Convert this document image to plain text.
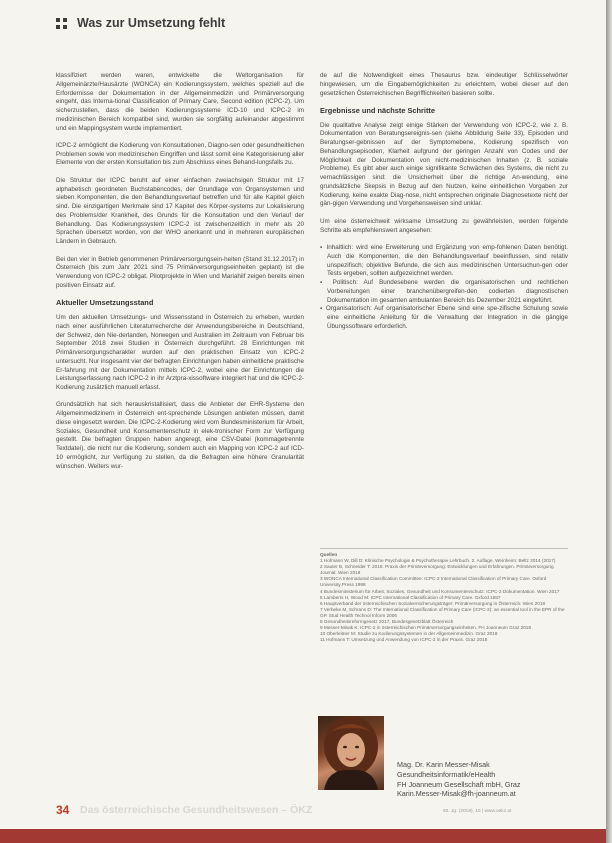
Was zur Umsetzung fehlt

klassifiziert werden waren, entwickelte die Weltorganisation für Allgemeinärzte/Hausärzte (WONCA) ein Kodierungssystem, welches speziell auf die Erfordernisse der Dokumentation in der Allgemeinmedizin und Primärversorgung eingeht, das Interna-tional Classification of Primary Care, Second edition (ICPC-2). Um sicherzustellen, dass die beiden Kodierungssysteme ICD-10 und ICPC-2 im medizinischen Bereich kompatibel sind, wurden sie sorgfältig aufeinander abgestimmt und ein Mappingsystem wurde implementiert.

ICPC-2 ermöglicht die Kodierung von Konsultationen, Diagno-sen oder gesundheitlichen Problemen sowie von medizinischen Eingriffen und lässt somit eine Kategorisierung aller Elemente von der ersten Konsultation bis zum Abschluss eines Behand-lungsfalls zu.

Die Struktur der ICPC beruht auf einer einfachen zweiachsigen Struktur mit 17 alphabetisch geordneten Buchstabencodes, der Grundlage von Organsystemen und sieben Komponenten, die den Behandlungsverlauf betreffen und für alle Kapitel gleich sind. Die einzigartigen Merkmale sind 17 Kapitel des Körper-systems zur Lokalisierung des Problems/der Krankheit, des Grunds für die Konsultation und den Verlauf der Behandlung. Das Kodierungssystem ICPC-2 ist zwischenzeitlich in mehr als 20 Sprachen übersetzt worden, von der WHO anerkannt und in mehreren europäischen Ländern in Gebrauch.

Bei den vier in Betrieb genommenen Primärversorgungsein-heiten (Stand 31.12.2017) in Österreich (bis zum Jahr 2021 sind 75 Primärversorgungseinheiten geplant) ist die Verwendung von ICPC-2 obligat. Pilotprojekte in Wien und Mariahilf zeigen bereits einen positiven Einsatz auf.

Aktueller Umsetzungsstand

Um den aktuellen Umsetzungs- und Wissensstand in Österreich zu erheben, wurden nach einer ausführlichen Literaturrecherche der Anwendungsbereiche in Deutschland, der Schweiz, den Nie-derlanden, Norwegen und Australien im Zeitraum von Februar bis September 2018 zwei Studien in Österreich durchgeführt. 28 Einrichtungen mit Primärversorgungscharakter wurden auf den praktischen Einsatz von ICPC-2 untersucht. Nur insgesamt vier der befragten Einrichtungen haben einheitliche praktische Er-fahrung mit der Dokumentation mittels ICPC-2, wobei eine der Einrichtungen die Leistungserfassung nach ICPC-2 in ihr Arztpra-xissoftware integriert hat und die ICPC-2-Kodierung zusätzlich manuell erfasst.

Grundsätzlich hat sich herauskristallisiert, dass die Anbieter der EHR-Systeme den Allgemeinmedizinern in Österreich ent-sprechende Lösungen anbieten müssen, damit diese eingesetzt werden. Die ICPC-2-Kodierung wird vom Bundesministerium für Arbeit, Soziales, Gesundheit und Konsumentenschutz in elek-tronischer Form zur Verfügung gestellt. Die befragten Gruppen haben angeregt, eine CSV-Datei (kommagetrennte Textdatei), die nicht nur die Kodierung, sondern auch ein Mapping von ICPC-2 auf ICD-10 ermöglicht, zur Verfügung zu stellen, da die Befragten eine höhere Granularität wünschen. Weiters wur-

de auf die Notwendigkeit eines Thesaurus bzw. eindeutiger Schlüsselwörter hingewiesen, um die Eingabemöglichkeiten zu erleichtern, wobei dieser auf den gesetzlichen Österreichischen Begrifflichkeiten basieren sollte.

Ergebnisse und nächste Schritte

Die qualitative Analyse zeigt einige Stärken der Verwendung von ICPC-2, wie z. B. Dokumentation von Beratungsereignis-sen (siehe Abbildung Seite 33), Episoden und Beratungser-gebnissen auf der Symptomebene, Kodierung spezifisch von Behandlungsepisoden, Klarheit aufgrund der geringen Anzahl von Codes und der Möglichkeit der Dokumentation von nicht-medizinischen Inhalten (z. B. soziale Probleme). Es gibt aber auch einige signifikante Schwächen des Systems, die nicht zu vernachlässigen sind: die Unsicherheit über die richtige An-wendung, eine grundsätzliche Skepsis in Bezug auf den Nutzen, keine einheitlichen Vorgaben zur Kodierung, keine exakte Diag-nose, nicht entsprechen originale Diagnosetexte nicht der gän-gigen Verwendung und Vorgehensweisen sind unklar.

Um eine österreichweit wirksame Umsetzung zu gewährleisten, werden folgende Schritte als empfehlenswert angesehen:

▪ Inhaltlich: wird eine Erweiterung und Ergänzung von emp-fohlenen Daten benötigt. Auch die Komponenten, die den Behandlungsverlauf beeinflussen, sind relativ unspezifisch; objektive Befunde, die sich aus medizinischen Untersuchun-gen oder Tests ergeben, sollten aufgezeichnet werden.
▪ Politisch: Auf Bundesebene werden die organisatorischen und rechtlichen Vorbereitungen einer branchenübergreifen-den codierten diagnostischen Dokumentation im gesamten ambulanten Bereich bis Dezember 2021 eingeführt.
▪ Organisatorisch: Auf organisatorischer Ebene sind eine spe-zifische Schulung sowie eine einheitliche Anleitung für die Verwaltung der Integration in die gängige Übungssoftware erforderlich.
Quellen
1 Hofmann W, Dill D: Klinische Psychologie & Psychotherapie Lehrbuch. 2. Auflage, Weinheim: Beltz 2014 (2017)
2 Sauter B, Schneider T: 2018. Praxis der Primärversorgung: Entwicklungen und Erfahrungen. Primärversorgung Journal. Wien 2018
3 WONCA International Classification Committee: ICPC-2 International Classification of Primary Care. Oxford University Press 1998
4 Bundesministerium für Arbeit, Soziales, Gesundheit und Konsumentenschutz: ICPC-2 Dokumentation. Wien 2017
5 Lamberts H, Wood M: ICPC International Classification of Primary Care. Oxford 1987
6 Hauptverband der österreichischen Sozialversicherungsträger: Primärversorgung in Österreich. Wien 2018
7 Verbeke M, Schrans D: The International Classification of Primary Care (ICPC-2): an essential tool in the EPR of the GP. Stud Health Technol Inform 2006
8 Gesundheitsreformgesetz 2017, Bundesgesetzblatt Österreich
9 Messer-Misak K: ICPC-2 in österreichischen Primärversorgungseinheiten. FH Joanneum Graz 2018
10 Oberleitner M: Studie zu Kodierungssystemen in der Allgemeinmedizin. Graz 2018
11 Hofmann T: Umsetzung und Anwendung von ICPC-2 in der Praxis. Graz 2018
Mag. Dr. Karin Messer-Misak
Gesundheitsinformatik/eHealth
FH Joanneum Gesellschaft mbH, Graz
Karin.Messer-Misak@fh-joanneum.at
34 Das österreichische Gesundheitswesen – ÖKZ	60. Jg. (2019), 10 | www.oekz.at
